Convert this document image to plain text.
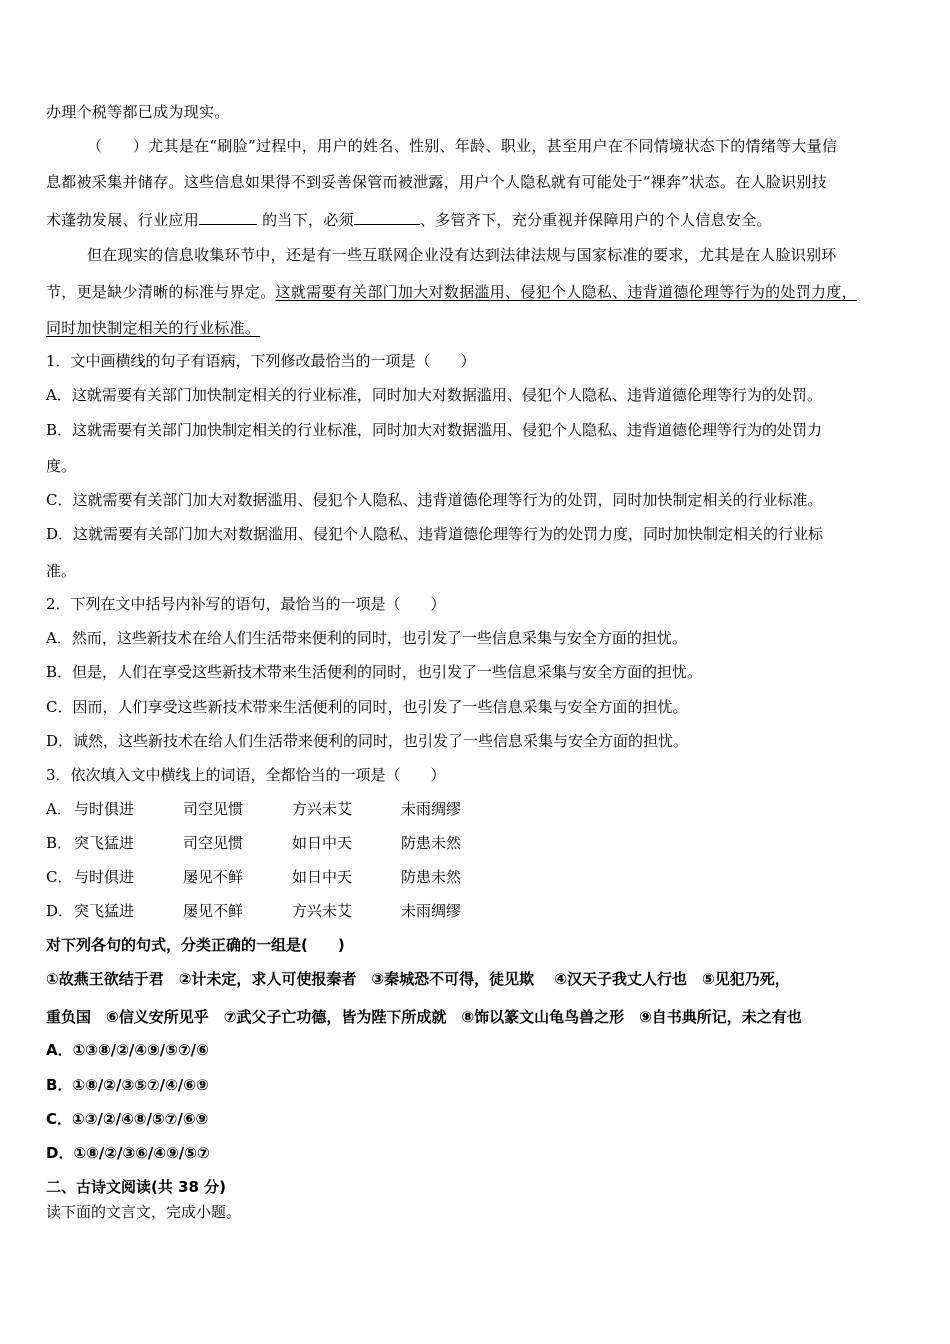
办理个税等都已成为现实。
（　　）尤其是在“刷脸”过程中，用户的姓名、性别、年龄、职业，甚至用户在不同情境状态下的情绪等大量信
息都被采集并储存。这些信息如果得不到妥善保管而被泄露，用户个人隐私就有可能处于“裸奔”状态。在人脸识别技
术蓬勃发展、行业应用	的当下，必须	、多管齐下，充分重视并保障用户的个人信息安全。
但在现实的信息收集环节中，还是有一些互联网企业没有达到法律法规与国家标准的要求，尤其是在人脸识别环
节，更是缺少清晰的标准与界定。这就需要有关部门加大对数据滥用、侵犯个人隐私、违背道德伦理等行为的处罚力度，
同时加快制定相关的行业标准。
1．文中画横线的句子有语病，下列修改最恰当的一项是（　　）
A．这就需要有关部门加快制定相关的行业标准，同时加大对数据滥用、侵犯个人隐私、违背道德伦理等行为的处罚。
B．这就需要有关部门加快制定相关的行业标准，同时加大对数据滥用、侵犯个人隐私、违背道德伦理等行为的处罚力
度。
C．这就需要有关部门加大对数据滥用、侵犯个人隐私、违背道德伦理等行为的处罚，同时加快制定相关的行业标准。
D．这就需要有关部门加大对数据滥用、侵犯个人隐私、违背道德伦理等行为的处罚力度，同时加快制定相关的行业标
准。
2．下列在文中括号内补写的语句，最恰当的一项是（　　）
A．然而，这些新技术在给人们生活带来便利的同时，也引发了一些信息采集与安全方面的担忧。
B．但是，人们在享受这些新技术带来生活便利的同时，也引发了一些信息采集与安全方面的担忧。
C．因而，人们享受这些新技术带来生活便利的同时，也引发了一些信息采集与安全方面的担忧。
D．诚然，这些新技术在给人们生活带来便利的同时，也引发了一些信息采集与安全方面的担忧。
3．依次填入文中横线上的词语，全都恰当的一项是（　　）
A． 与时俱进	司空见惯	方兴未艾	未雨绸缪
B． 突飞猛进	司空见惯	如日中天	防患未然
C． 与时俱进	屡见不鲜	如日中天	防患未然
D．突飞猛进	屡见不鲜	方兴未艾	未雨绸缪
对下列各句的句式，分类正确的一组是(　　)
①故燕王欲结于君　②计未定，求人可使报秦者　③秦城恐不可得，徒见欺　 ④汉天子我丈人行也　⑤见犯乃死，
重负国　⑥信义安所见乎　⑦武父子亡功德，皆为陛下所成就　⑧饰以篆文山龟鸟兽之形　⑨自书典所记，未之有也
A．①③⑧/②/④⑨/⑤⑦/⑥
B．①⑧/②/③⑤⑦/④/⑥⑨
C．①③/②/④⑧/⑤⑦/⑥⑨
D．①⑧/②/③⑥/④⑨/⑤⑦
二、古诗文阅读(共 38 分)
读下面的文言文，完成小题。
